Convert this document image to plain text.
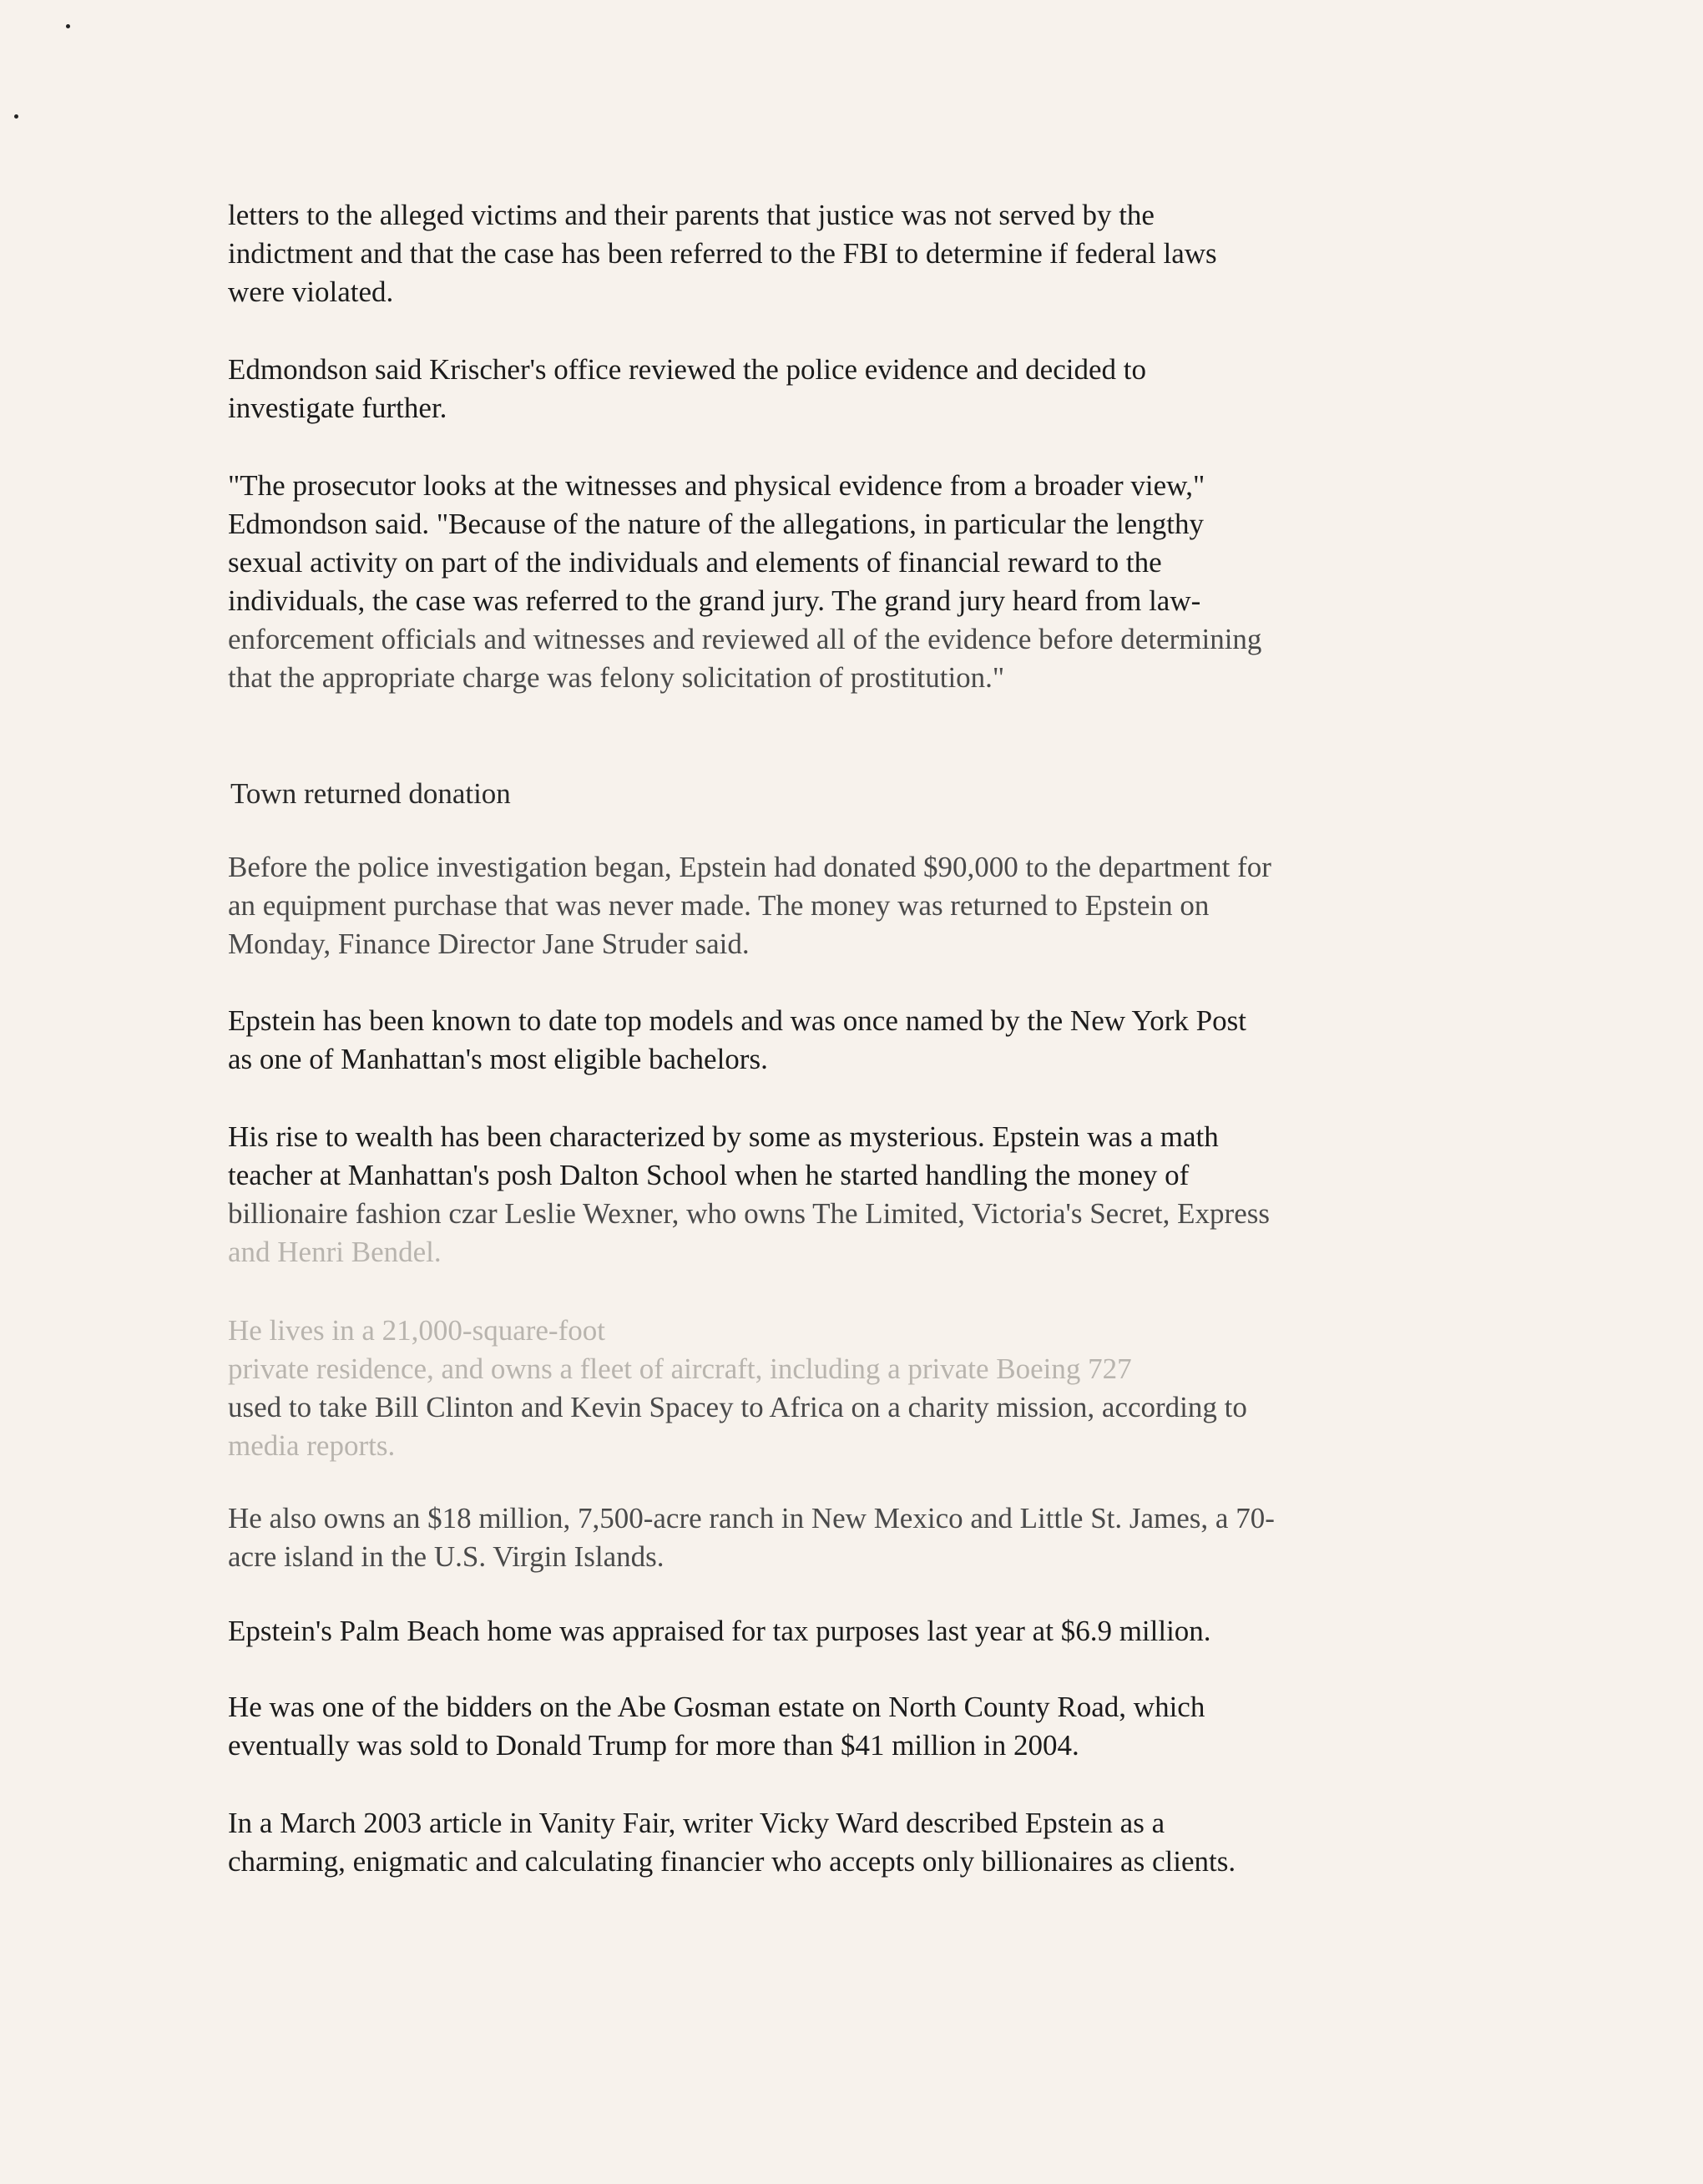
letters to the alleged victims and their parents that justice was not served by the
indictment and that the case has been referred to the FBI to determine if federal laws
were violated.
Edmondson said Krischer's office reviewed the police evidence and decided to
investigate further.
"The prosecutor looks at the witnesses and physical evidence from a broader view,"
Edmondson said. "Because of the nature of the allegations, in particular the lengthy
sexual activity on part of the individuals and elements of financial reward to the
individuals, the case was referred to the grand jury. The grand jury heard from law-
enforcement officials and witnesses and reviewed all of the evidence before determining
that the appropriate charge was felony solicitation of prostitution."
Town returned donation
Before the police investigation began, Epstein had donated $90,000 to the department for
an equipment purchase that was never made. The money was returned to Epstein on
Monday, Finance Director Jane Struder said.
Epstein has been known to date top models and was once named by the New York Post
as one of Manhattan's most eligible bachelors.
His rise to wealth has been characterized by some as mysterious. Epstein was a math
teacher at Manhattan's posh Dalton School when he started handling the money of
billionaire fashion czar Leslie Wexner, who owns The Limited, Victoria's Secret, Express
and Henri Bendel.
He lives in a 21,000-square-foot
private residence, and owns a fleet of aircraft, including a private Boeing 727
used to take Bill Clinton and Kevin Spacey to Africa on a charity mission, according to
media reports.
He also owns an $18 million, 7,500-acre ranch in New Mexico and Little St. James, a 70-
acre island in the U.S. Virgin Islands.
Epstein's Palm Beach home was appraised for tax purposes last year at $6.9 million.
He was one of the bidders on the Abe Gosman estate on North County Road, which
eventually was sold to Donald Trump for more than $41 million in 2004.
In a March 2003 article in Vanity Fair, writer Vicky Ward described Epstein as a
charming, enigmatic and calculating financier who accepts only billionaires as clients.
